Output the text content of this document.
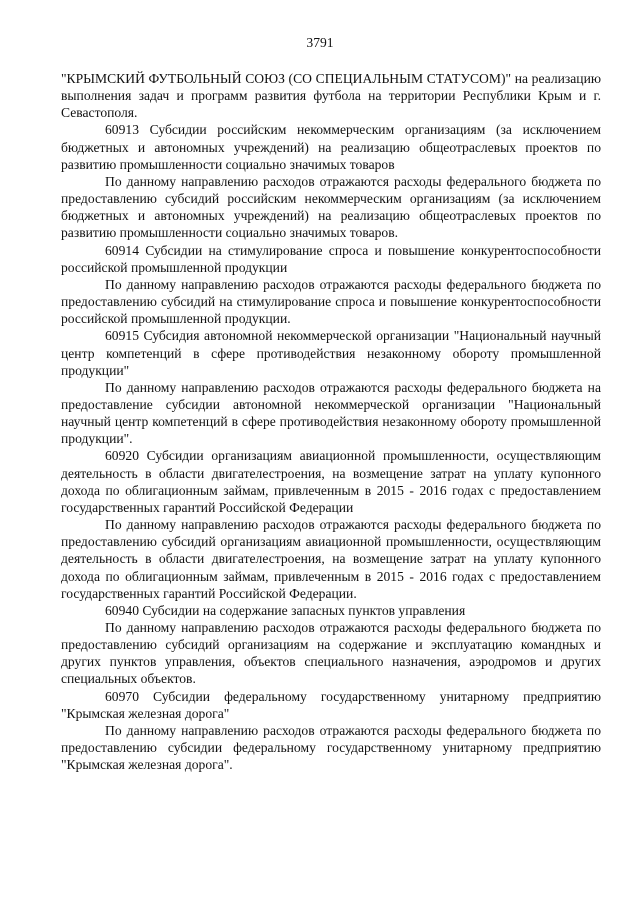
3791

"КРЫМСКИЙ ФУТБОЛЬНЫЙ СОЮЗ (СО СПЕЦИАЛЬНЫМ СТАТУСОМ)" на реализацию выполнения задач и программ развития футбола на территории Республики Крым и г. Севастополя.

60913 Субсидии российским некоммерческим организациям (за исключением бюджетных и автономных учреждений) на реализацию общеотраслевых проектов по развитию промышленности социально значимых товаров

По данному направлению расходов отражаются расходы федерального бюджета по предоставлению субсидий российским некоммерческим организациям (за исключением бюджетных и автономных учреждений) на реализацию общеотраслевых проектов по развитию промышленности социально значимых товаров.

60914 Субсидии на стимулирование спроса и повышение конкурентоспособности российской промышленной продукции

По данному направлению расходов отражаются расходы федерального бюджета по предоставлению субсидий на стимулирование спроса и повышение конкурентоспособности российской промышленной продукции.

60915 Субсидия автономной некоммерческой организации "Национальный научный центр компетенций в сфере противодействия незаконному обороту промышленной продукции"

По данному направлению расходов отражаются расходы федерального бюджета на предоставление субсидии автономной некоммерческой организации "Национальный научный центр компетенций в сфере противодействия незаконному обороту промышленной продукции".

60920 Субсидии организациям авиационной промышленности, осуществляющим деятельность в области двигателестроения, на возмещение затрат на уплату купонного дохода по облигационным займам, привлеченным в 2015 - 2016 годах с предоставлением государственных гарантий Российской Федерации

По данному направлению расходов отражаются расходы федерального бюджета по предоставлению субсидий организациям авиационной промышленности, осуществляющим деятельность в области двигателестроения, на возмещение затрат на уплату купонного дохода по облигационным займам, привлеченным в 2015 - 2016 годах с предоставлением государственных гарантий Российской Федерации.

60940 Субсидии на содержание запасных пунктов управления

По данному направлению расходов отражаются расходы федерального бюджета по предоставлению субсидий организациям на содержание и эксплуатацию командных и других пунктов управления, объектов специального назначения, аэродромов и других специальных объектов.

60970 Субсидии федеральному государственному унитарному предприятию "Крымская железная дорога"

По данному направлению расходов отражаются расходы федерального бюджета по предоставлению субсидии федеральному государственному унитарному предприятию "Крымская железная дорога".
